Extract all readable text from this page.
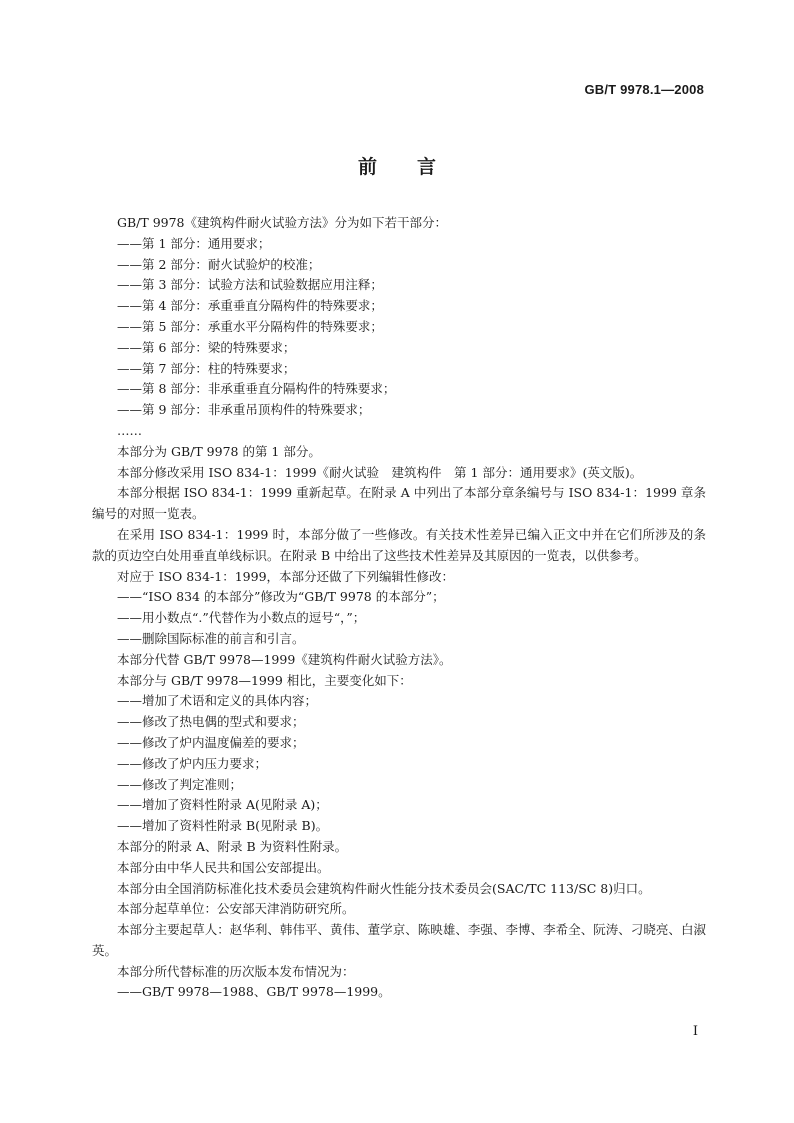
GB/T 9978.1—2008
前言

GB/T 9978《建筑构件耐火试验方法》分为如下若干部分：

——第 1 部分：通用要求；

——第 2 部分：耐火试验炉的校准；

——第 3 部分：试验方法和试验数据应用注释；

——第 4 部分：承重垂直分隔构件的特殊要求；

——第 5 部分：承重水平分隔构件的特殊要求；

——第 6 部分：梁的特殊要求；

——第 7 部分：柱的特殊要求；

——第 8 部分：非承重垂直分隔构件的特殊要求；

——第 9 部分：非承重吊顶构件的特殊要求；

……

本部分为 GB/T 9978 的第 1 部分。

本部分修改采用 ISO 834-1：1999《耐火试验　建筑构件　第 1 部分：通用要求》(英文版)。

本部分根据 ISO 834-1：1999 重新起草。在附录 A 中列出了本部分章条编号与 ISO 834-1：1999 章条编号的对照一览表。

在采用 ISO 834-1：1999 时，本部分做了一些修改。有关技术性差异已编入正文中并在它们所涉及的条款的页边空白处用垂直单线标识。在附录 B 中给出了这些技术性差异及其原因的一览表，以供参考。

对应于 ISO 834-1：1999，本部分还做了下列编辑性修改：

——“ISO 834 的本部分”修改为“GB/T 9978 的本部分”；

——用小数点“.”代替作为小数点的逗号“，”；

——删除国际标准的前言和引言。

本部分代替 GB/T 9978—1999《建筑构件耐火试验方法》。

本部分与 GB/T 9978—1999 相比，主要变化如下：

——增加了术语和定义的具体内容；

——修改了热电偶的型式和要求；

——修改了炉内温度偏差的要求；

——修改了炉内压力要求；

——修改了判定准则；

——增加了资料性附录 A(见附录 A)；

——增加了资料性附录 B(见附录 B)。

本部分的附录 A、附录 B 为资料性附录。

本部分由中华人民共和国公安部提出。

本部分由全国消防标准化技术委员会建筑构件耐火性能分技术委员会(SAC/TC 113/SC 8)归口。

本部分起草单位：公安部天津消防研究所。

本部分主要起草人：赵华利、韩伟平、黄伟、董学京、陈映雄、李强、李博、李希全、阮涛、刁晓亮、白淑英。

本部分所代替标准的历次版本发布情况为：

——GB/T 9978—1988、GB/T 9978—1999。

I
